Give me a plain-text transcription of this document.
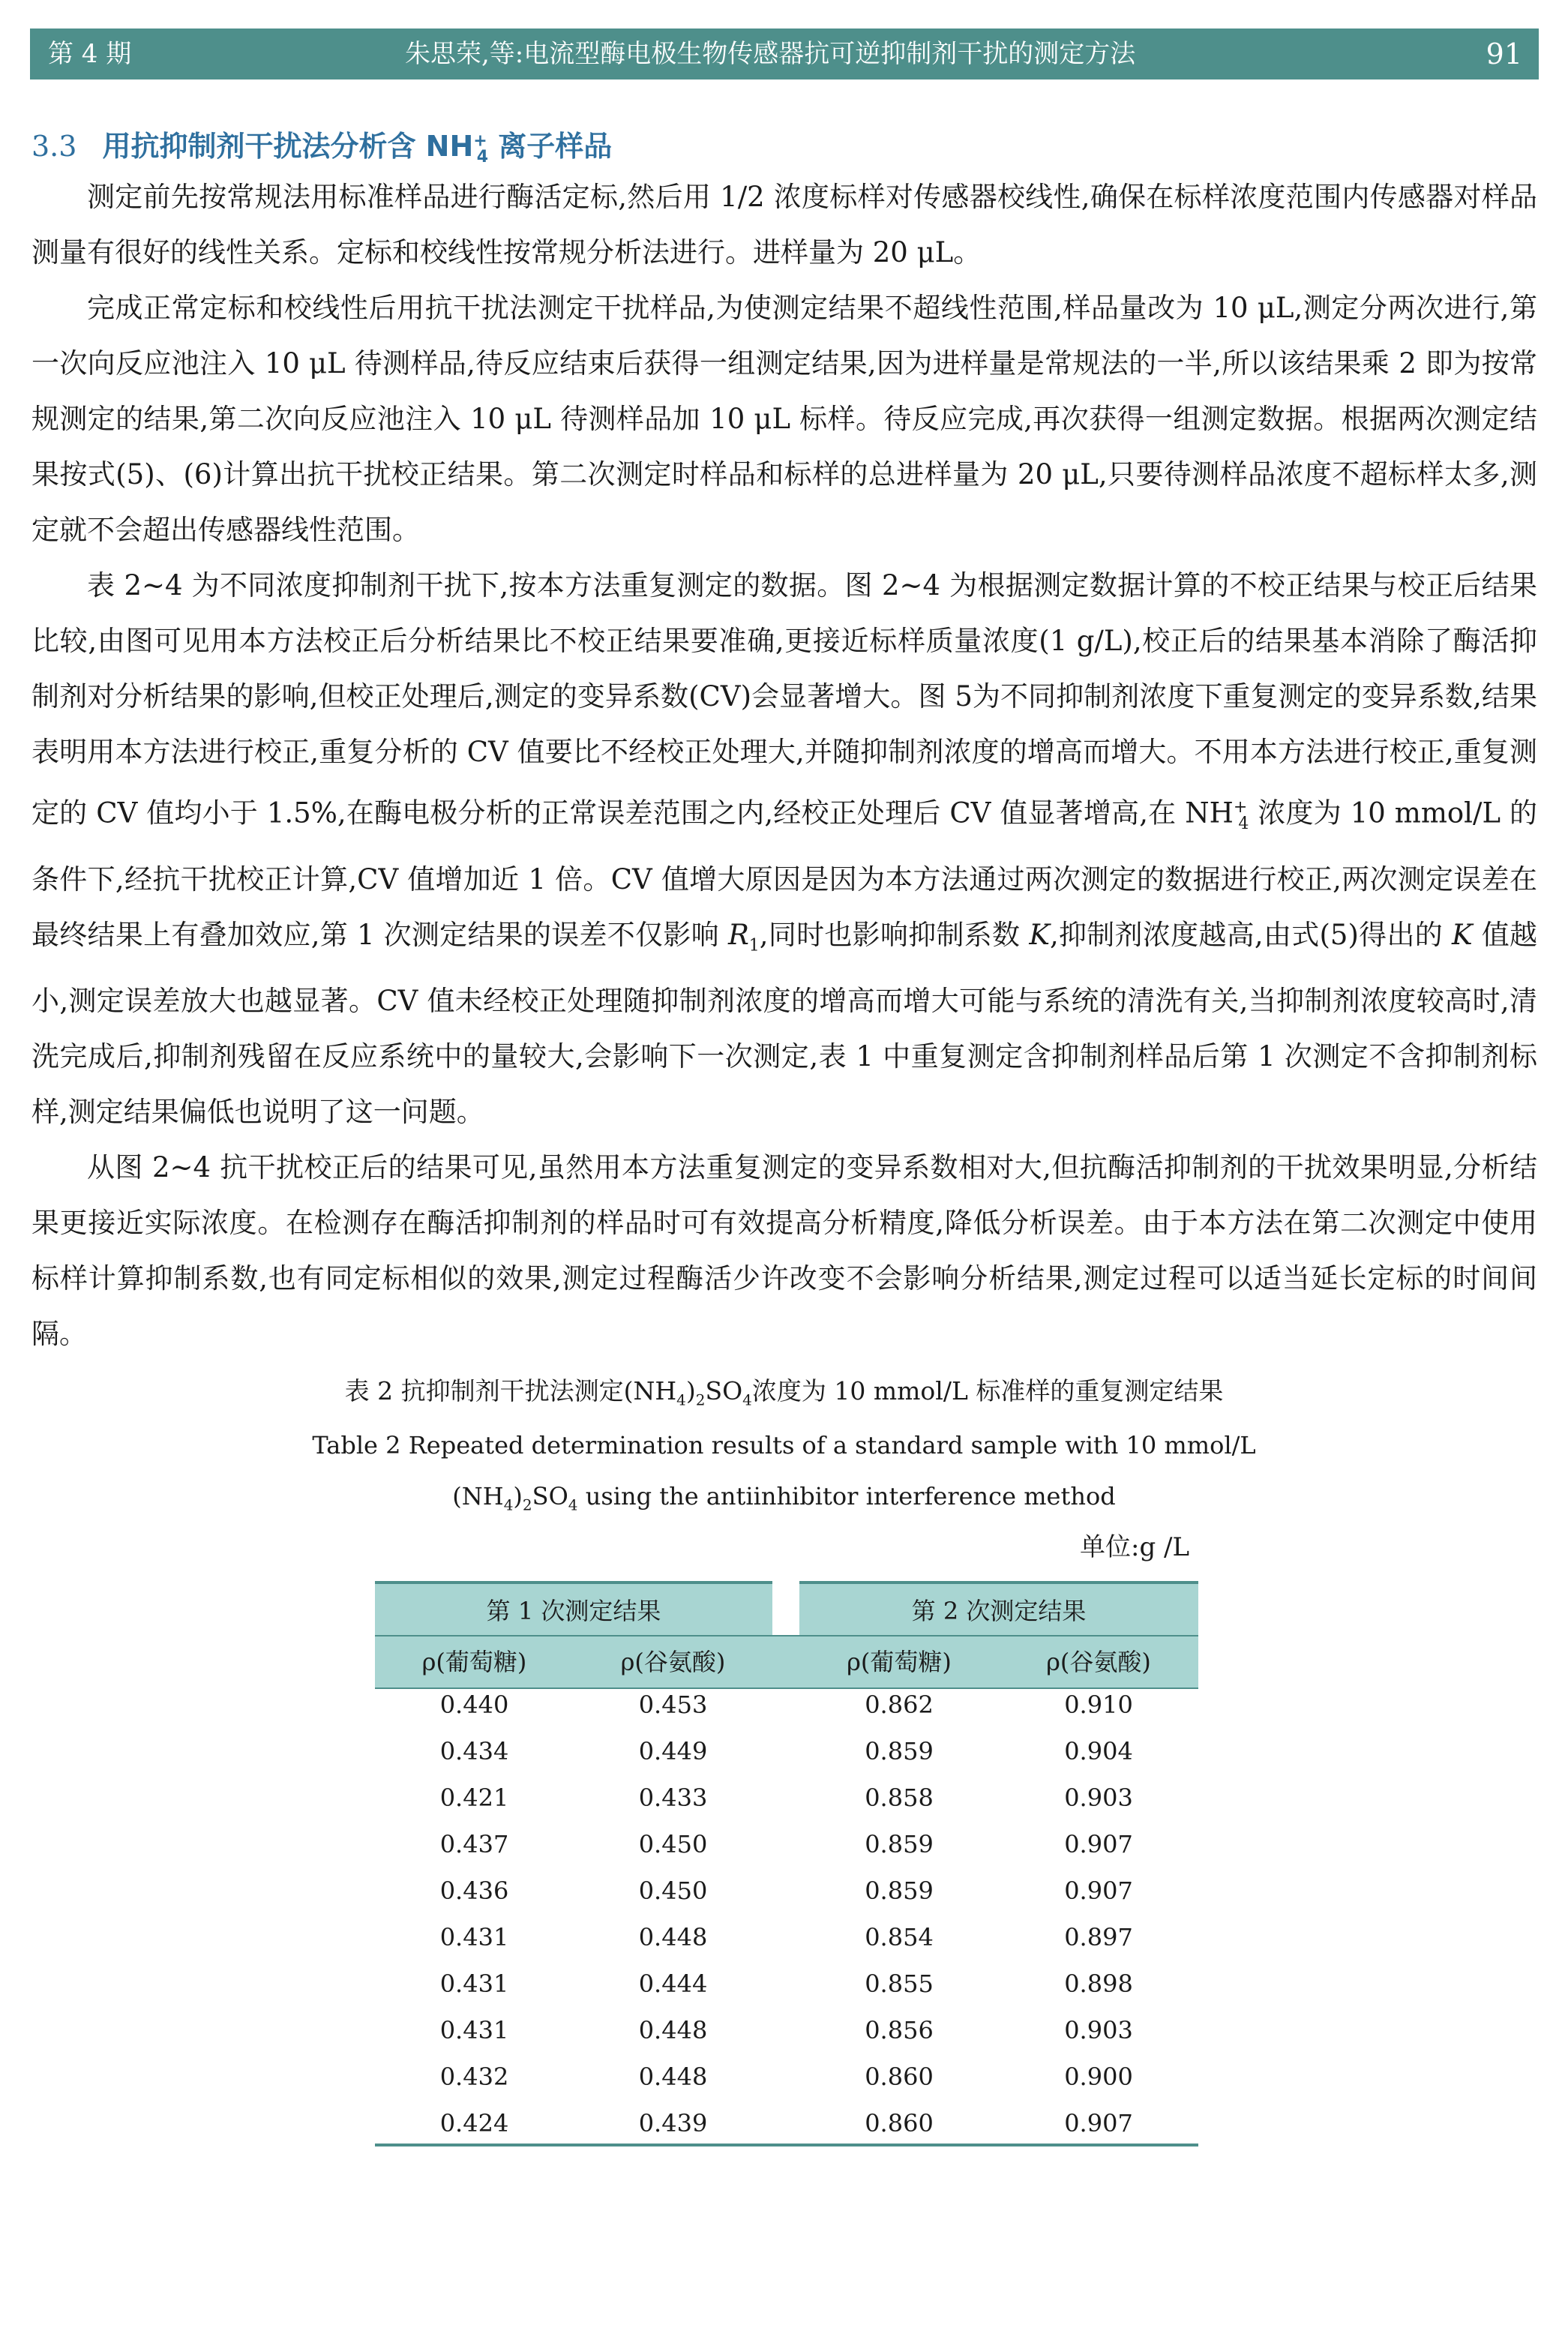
第 4 期	朱思荣,等:电流型酶电极生物传感器抗可逆抑制剂干扰的测定方法	91
3.3 用抗抑制剂干扰法分析含 $NH^+_4$ 离子样品

测定前先按常规法用标准样品进行酶活定标,然后用 1/2 浓度标样对传感器校线性,确保在标样浓度范围内传感器对样品测量有很好的线性关系。定标和校线性按常规分析法进行。进样量为 20 μL。

完成正常定标和校线性后用抗干扰法测定干扰样品,为使测定结果不超线性范围,样品量改为 10 μL,测定分两次进行,第一次向反应池注入 10 μL 待测样品,待反应结束后获得一组测定结果,因为进样量是常规法的一半,所以该结果乘 2 即为按常规测定的结果,第二次向反应池注入 10 μL 待测样品加 10 μL 标样。待反应完成,再次获得一组测定数据。根据两次测定结果按式(5)、(6)计算出抗干扰校正结果。第二次测定时样品和标样的总进样量为 20 μL,只要待测样品浓度不超标样太多,测定就不会超出传感器线性范围。

表 2~4 为不同浓度抑制剂干扰下,按本方法重复测定的数据。图 2~4 为根据测定数据计算的不校正结果与校正后结果比较,由图可见用本方法校正后分析结果比不校正结果要准确,更接近标样质量浓度(1 g/L),校正后的结果基本消除了酶活抑制剂对分析结果的影响,但校正处理后,测定的变异系数(CV)会显著增大。图 5为不同抑制剂浓度下重复测定的变异系数,结果表明用本方法进行校正,重复分析的 CV 值要比不经校正处理大,并随抑制剂浓度的增高而增大。不用本方法进行校正,重复测定的 CV 值均小于 1.5%,在酶电极分析的正常误差范围之内,经校正处理后 CV 值显著增高,在 $NH^+_4$ 浓度为 10 mmol/L 的条件下,经抗干扰校正计算,CV 值增加近 1 倍。CV 值增大原因是因为本方法通过两次测定的数据进行校正,两次测定误差在最终结果上有叠加效应,第 1 次测定结果的误差不仅影响 $R_1$,同时也影响抑制系数 K,抑制剂浓度越高,由式(5)得出的 K 值越小,测定误差放大也越显著。CV 值未经校正处理随抑制剂浓度的增高而增大可能与系统的清洗有关,当抑制剂浓度较高时,清洗完成后,抑制剂残留在反应系统中的量较大,会影响下一次测定,表 1 中重复测定含抑制剂样品后第 1 次测定不含抑制剂标样,测定结果偏低也说明了这一问题。

从图 2~4 抗干扰校正后的结果可见,虽然用本方法重复测定的变异系数相对大,但抗酶活抑制剂的干扰效果明显,分析结果更接近实际浓度。在检测存在酶活抑制剂的样品时可有效提高分析精度,降低分析误差。由于本方法在第二次测定中使用标样计算抑制系数,也有同定标相似的效果,测定过程酶活少许改变不会影响分析结果,测定过程可以适当延长定标的时间间隔。

表 2 抗抑制剂干扰法测定$(NH_4)_2SO_4$浓度为 10 mmol/L 标准样的重复测定结果
Table 2 Repeated determination results of a standard sample with 10 mmol/L
$(NH_4)_2SO_4$ using the antiinhibitor interference method
单位:g /L
第 1 次测定结果	第 2 次测定结果
ρ(葡萄糖)	ρ(谷氨酸)	ρ(葡萄糖)	ρ(谷氨酸)
0.440	0.453	0.862	0.910
0.434	0.449	0.859	0.904
0.421	0.433	0.858	0.903
0.437	0.450	0.859	0.907
0.436	0.450	0.859	0.907
0.431	0.448	0.854	0.897
0.431	0.444	0.855	0.898
0.431	0.448	0.856	0.903
0.432	0.448	0.860	0.900
0.424	0.439	0.860	0.907
